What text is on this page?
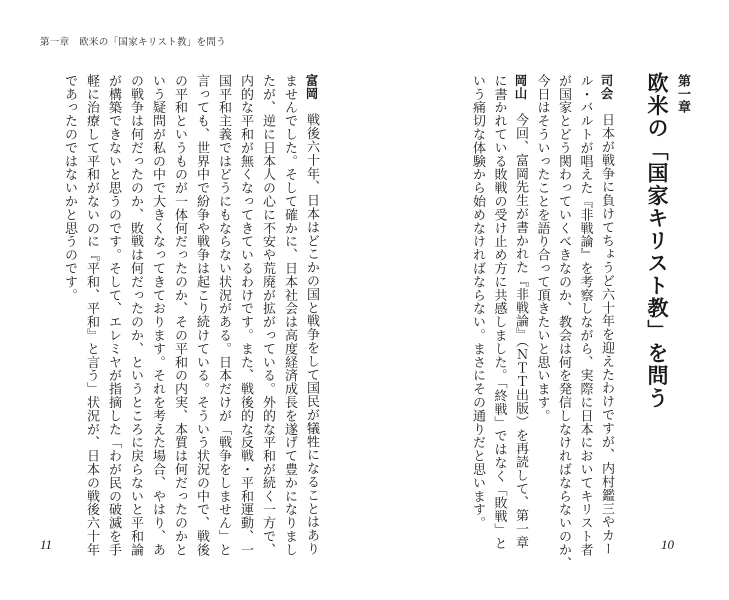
第一章　欧米の「国家キリスト教」を問う
富岡　戦後六十年、日本はどこかの国と戦争をして国民が犠牲になることはあり
ませんでした。そして確かに、日本社会は高度経済成長を遂げて豊かになりまし
たが、逆に日本人の心に不安や荒廃が拡がっている。外的な平和が続く一方で、
内的な平和が無くなってきているわけです。また、戦後的な反戦・平和運動、一
国平和主義ではどうにもならない状況がある。日本だけが「戦争をしません」と
言っても、世界中で紛争や戦争は起こり続けている。そういう状況の中で、戦後
の平和というものが一体何だったのか、その平和の内実、本質は何だったのかと
いう疑問が私の中で大きくなってきております。それを考えた場合、やはり、あ
の戦争は何だったのか、敗戦は何だったのか、というところに戻らないと平和論
が構築できないと思うのです。そして、エレミヤが指摘した「わが民の破滅を手
軽に治療して平和がないのに『平和、平和』と言う」状況が、日本の戦後六十年
であったのではないかと思うのです。
11
第一章
欧米の「国家キリスト教」を問う
司会　日本が戦争に負けてちょうど六十年を迎えたわけですが、内村鑑三やカー
ル・バルトが唱えた『非戦論』を考察しながら、実際に日本においてキリスト者
が国家とどう関わっていくべきなのか、教会は何を発信しなければならないのか、
今日はそういったことを語り合って頂きたいと思います。
岡山　今回、富岡先生が書かれた『非戦論』（ＮＴＴ出版）を再読して、第一章
に書かれている敗戦の受け止め方に共感しました。「終戦」ではなく「敗戦」と
いう痛切な体験から始めなければならない。まさにその通りだと思います。
10
